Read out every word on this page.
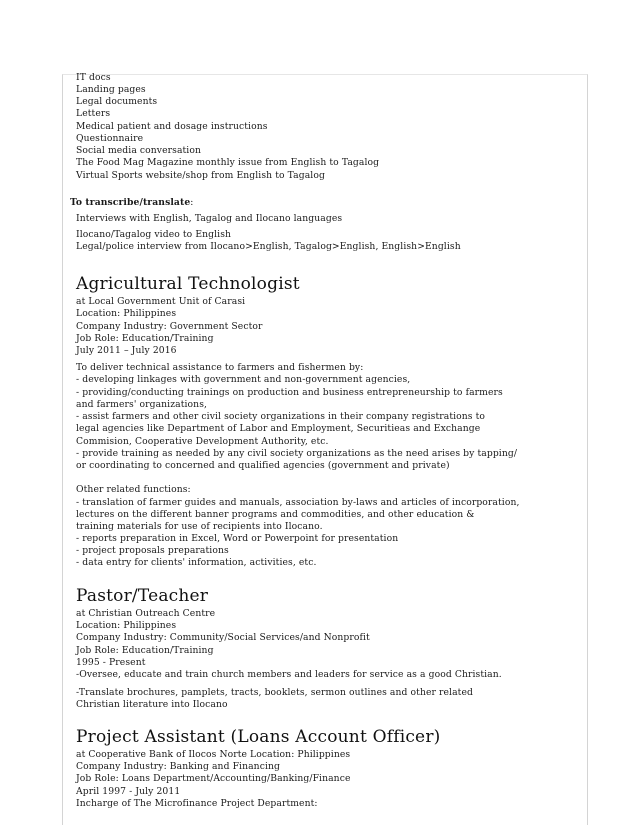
IT docs
Landing pages
Legal documents
Letters
Medical patient and dosage instructions
Questionnaire
Social media conversation
The Food Mag Magazine monthly issue from English to Tagalog
Virtual Sports website/shop from English to Tagalog
To transcribe/translate:
Interviews with English, Tagalog and Ilocano languages
Ilocano/Tagalog video to English
Legal/police interview from Ilocano>English, Tagalog>English, English>English
Agricultural Technologist
at Local Government Unit of Carasi
Location: Philippines
Company Industry: Government Sector
Job Role: Education/Training
July 2011 – July 2016
To deliver technical assistance to farmers and fishermen by:
- developing linkages with government and non-government agencies,
- providing/conducting trainings on production and business entrepreneurship to farmers
and farmers' organizations,
- assist farmers and other civil society organizations in their company registrations to
legal agencies like Department of Labor and Employment, Securitieas and Exchange
Commision, Cooperative Development Authority, etc.
- provide training as needed by any civil society organizations as the need arises by tapping/
or coordinating to concerned and qualified agencies (government and private)
Other related functions:
- translation of farmer guides and manuals, association by-laws and articles of incorporation,
lectures on the different banner programs and commodities, and other education &
training materials for use of recipients into Ilocano.
- reports preparation in Excel, Word or Powerpoint for presentation
- project proposals preparations
- data entry for clients' information, activities, etc.
Pastor/Teacher
at Christian Outreach Centre
Location: Philippines
Company Industry: Community/Social Services/and Nonprofit
Job Role: Education/Training
1995 - Present
-Oversee, educate and train church members and leaders for service as a good Christian.
-Translate brochures, pamplets, tracts, booklets, sermon outlines and other related
Christian literature into Ilocano
Project Assistant (Loans Account Officer)
at Cooperative Bank of Ilocos Norte Location: Philippines
Company Industry: Banking and Financing
Job Role: Loans Department/Accounting/Banking/Finance
April 1997 - July 2011
Incharge of The Microfinance Project Department:
